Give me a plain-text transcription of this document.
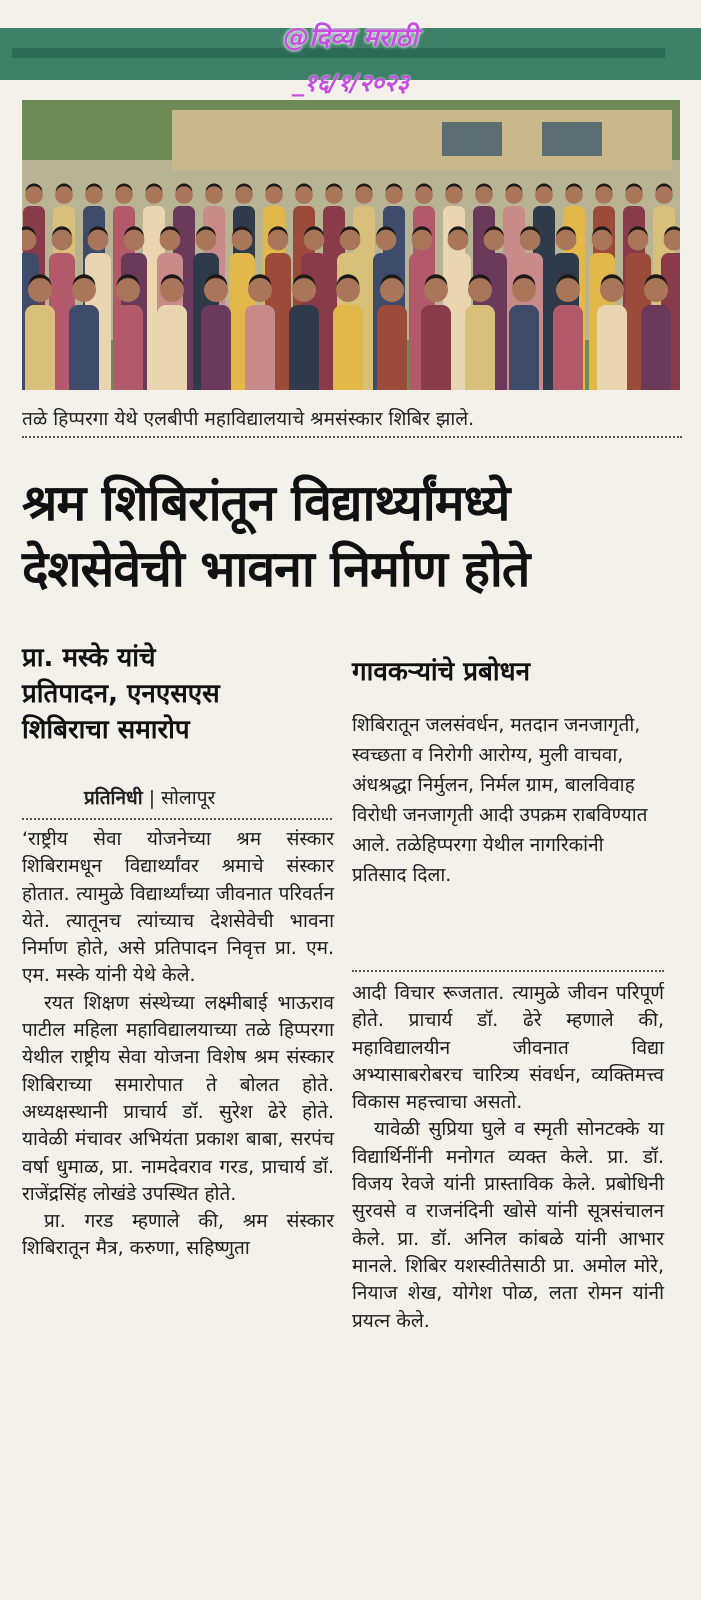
@दिव्य मराठी
_१६/१/२०२३
तळे हिप्परगा येथे एलबीपी महाविद्यालयाचे श्रमसंस्कार शिबिर झाले.
श्रम शिबिरांतून विद्यार्थ्यांमध्ये
देशसेवेची भावना निर्माण होते
प्रा. मस्के यांचे
प्रतिपादन, एनएसएस
शिबिराचा समारोप
गावकऱ्यांचे प्रबोधन
प्रतिनिधी | सोलापूर
शिबिरातून जलसंवर्धन, मतदान जनजागृती, स्वच्छता व निरोगी आरोग्य, मुली वाचवा, अंधश्रद्धा निर्मुलन, निर्मल ग्राम, बालविवाह विरोधी जनजागृती आदी उपक्रम राबविण्यात आले. तळेहिप्परगा येथील नागरिकांनी प्रतिसाद दिला.

‘राष्ट्रीय सेवा योजनेच्या श्रम संस्कार शिबिरामधून विद्यार्थ्यांवर श्रमाचे संस्कार होतात. त्यामुळे विद्यार्थ्यांच्या जीवनात परिवर्तन येते. त्यातूनच त्यांच्याच देशसेवेची भावना निर्माण होते, असे प्रतिपादन निवृत्त प्रा. एम. एम. मस्के यांनी येथे केले.

रयत शिक्षण संस्थेच्या लक्ष्मीबाई भाऊराव पाटील महिला महाविद्यालयाच्या तळे हिप्परगा येथील राष्ट्रीय सेवा योजना विशेष श्रम संस्कार शिबिराच्या समारोपात ते बोलत होते. अध्यक्षस्थानी प्राचार्य डॉ. सुरेश ढेरे होते. यावेळी मंचावर अभियंता प्रकाश बाबा, सरपंच वर्षा धुमाळ, प्रा. नामदेवराव गरड, प्राचार्य डॉ. राजेंद्रसिंह लोखंडे उपस्थित होते.

प्रा. गरड म्हणाले की, श्रम संस्कार शिबिरातून मैत्र, करुणा, सहिष्णुता

आदी विचार रूजतात. त्यामुळे जीवन परिपूर्ण होते. प्राचार्य डॉ. ढेरे म्हणाले की, महाविद्यालयीन जीवनात विद्या अभ्यासाबरोबरच चारित्र्य संवर्धन, व्यक्तिमत्त्व विकास महत्त्वाचा असतो.

यावेळी सुप्रिया घुले व स्मृती सोनटक्के या विद्यार्थिनींनी मनोगत व्यक्त केले. प्रा. डॉ. विजय रेवजे यांनी प्रास्ताविक केले. प्रबोधिनी सुरवसे व राजनंदिनी खोसे यांनी सूत्रसंचालन केले. प्रा. डॉ. अनिल कांबळे यांनी आभार मानले. शिबिर यशस्वीतेसाठी प्रा. अमोल मोरे, नियाज शेख, योगेश पोळ, लता रोमन यांनी प्रयत्न केले.
